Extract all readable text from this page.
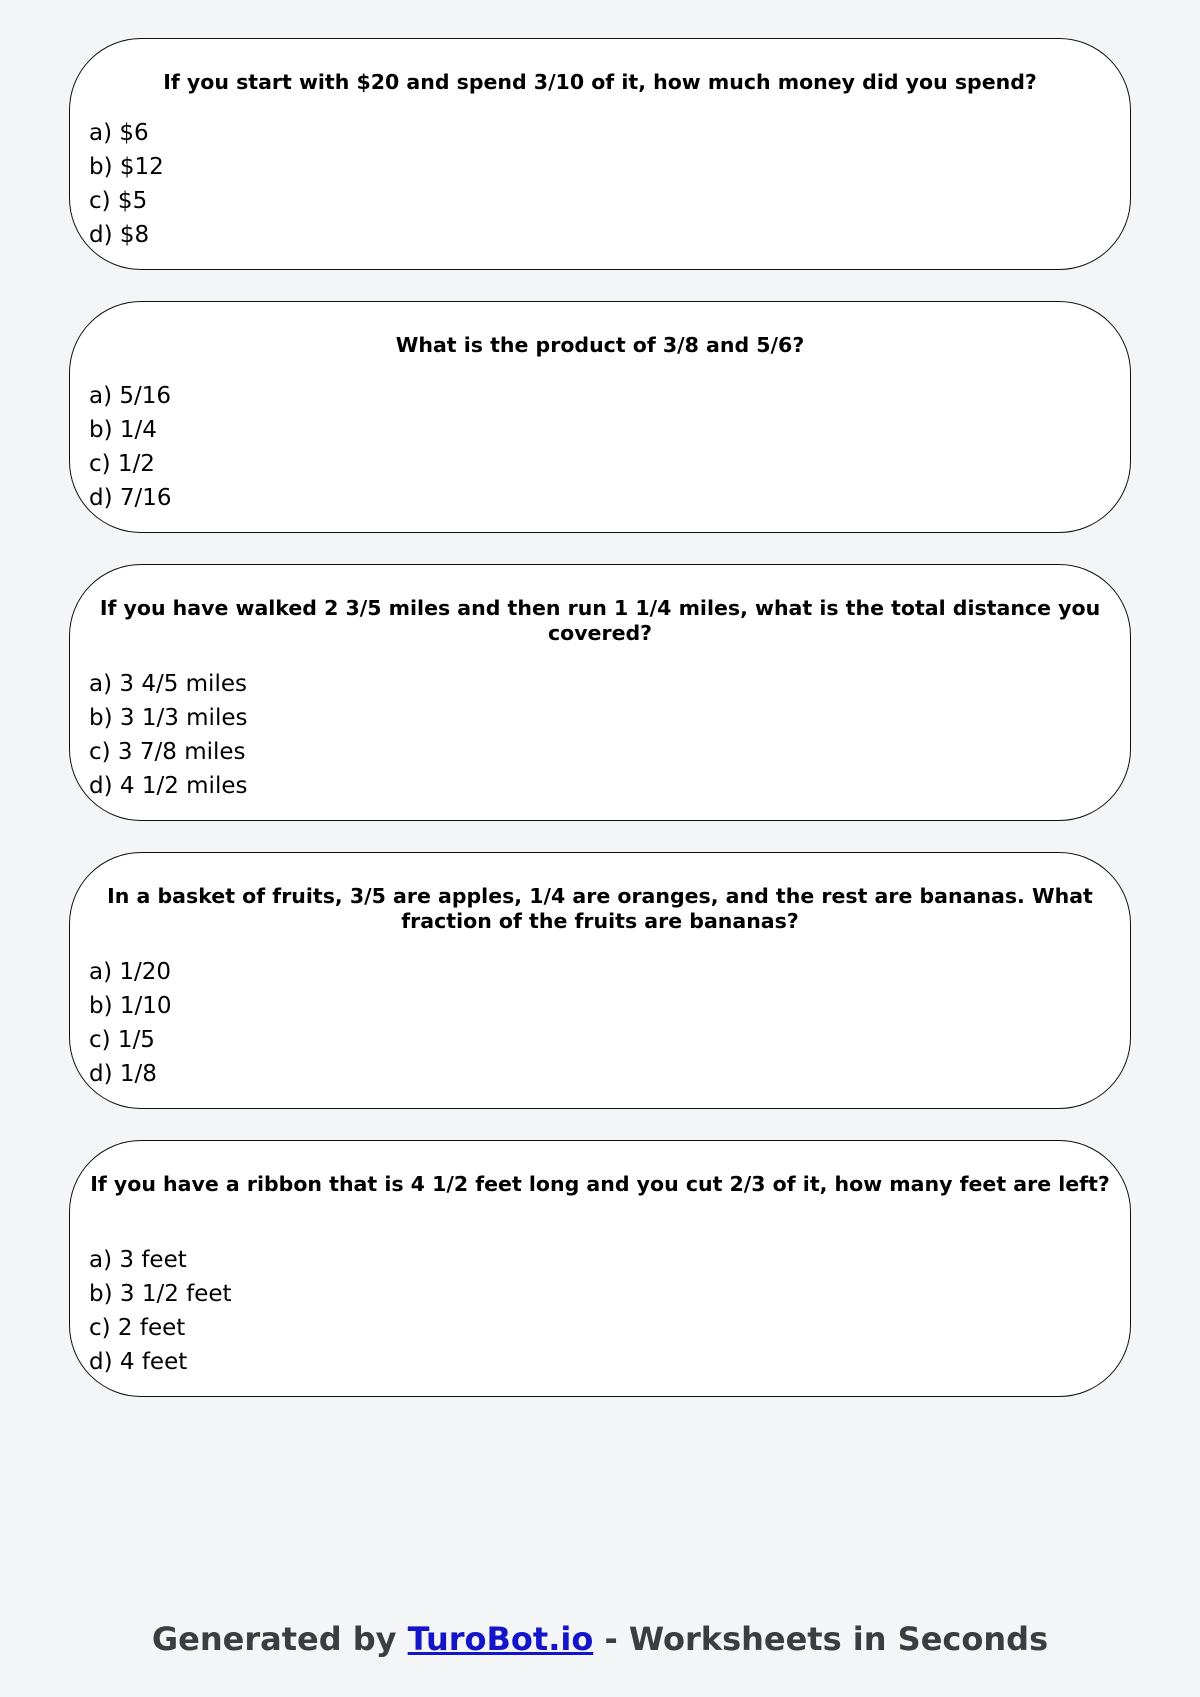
If you start with $20 and spend 3/10 of it, how much money did you spend?

a) $6
b) $12
c) $5
d) $8

What is the product of 3/8 and 5/6?

a) 5/16
b) 1/4
c) 1/2
d) 7/16

If you have walked 2 3/5 miles and then run 1 1/4 miles, what is the total distance you covered?

a) 3 4/5 miles
b) 3 1/3 miles
c) 3 7/8 miles
d) 4 1/2 miles

In a basket of fruits, 3/5 are apples, 1/4 are oranges, and the rest are bananas. What fraction of the fruits are bananas?

a) 1/20
b) 1/10
c) 1/5
d) 1/8

If you have a ribbon that is 4 1/2 feet long and you cut 2/3 of it, how many feet are left?

a) 3 feet
b) 3 1/2 feet
c) 2 feet
d) 4 feet
Generated by TuroBot.io - Worksheets in Seconds
